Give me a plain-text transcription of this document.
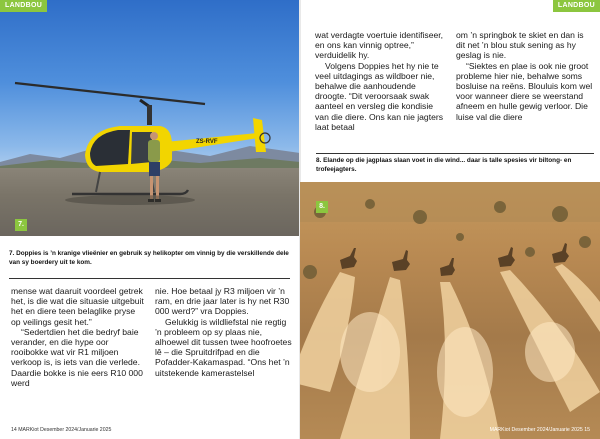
ZS-RVF
LANDBOU
7.
7. Doppies is ’n kranige vlieënier en gebruik sy helikopter om vinnig by die verskillende dele van sy boerdery uit te kom.

mense wat daaruit voordeel getrek het, is die wat die situasie uitgebuit het en diere teen belaglike pryse op veilings gesit het.”

“Sedertdien het die bedryf baie verander, en die hype oor rooibokke wat vir R1 miljoen verkoop is, is iets van die verlede. Daardie bokke is nie eers R10 000 werd

nie. Hoe betaal jy R3 miljoen vir ’n ram, en drie jaar later is hy net R30 000 werd?” vra Doppies.

Gelukkig is wildliefstal nie regtig ’n probleem op sy plaas nie, alhoewel dit tussen twee hoofroetes lê – die Spruitdrifpad en die Pofadder-Kakamaspad. “Ons het ’n uitstekende kamerastelsel

14 MARKiot Desember 2024/Januarie 2025

wat verdagte voertuie identifiseer, en ons kan vinnig optree,” verduidelik hy.

Volgens Doppies het hy nie te veel uitdagings as wildboer nie, behalwe die aanhoudende droogte. “Dit veroorsaak swak aanteel en versleg die kondisie van die diere. Ons kan nie jagters laat betaal

om ’n springbok te skiet en dan is dit net ’n blou stuk sening as hy geslag is nie.

“Siektes en plae is ook nie groot probleme hier nie, behalwe soms bosluise na reëns. Blouluis kom wel voor wanneer diere se weerstand afneem en hulle gewig verloor. Die luise val die diere

8. Elande op die jagplaas slaan voet in die wind... daar is talle spesies vir biltong- en trofeejagters.
LANDBOU
8.
MARKiot Desember 2024/Januarie 2025 15
